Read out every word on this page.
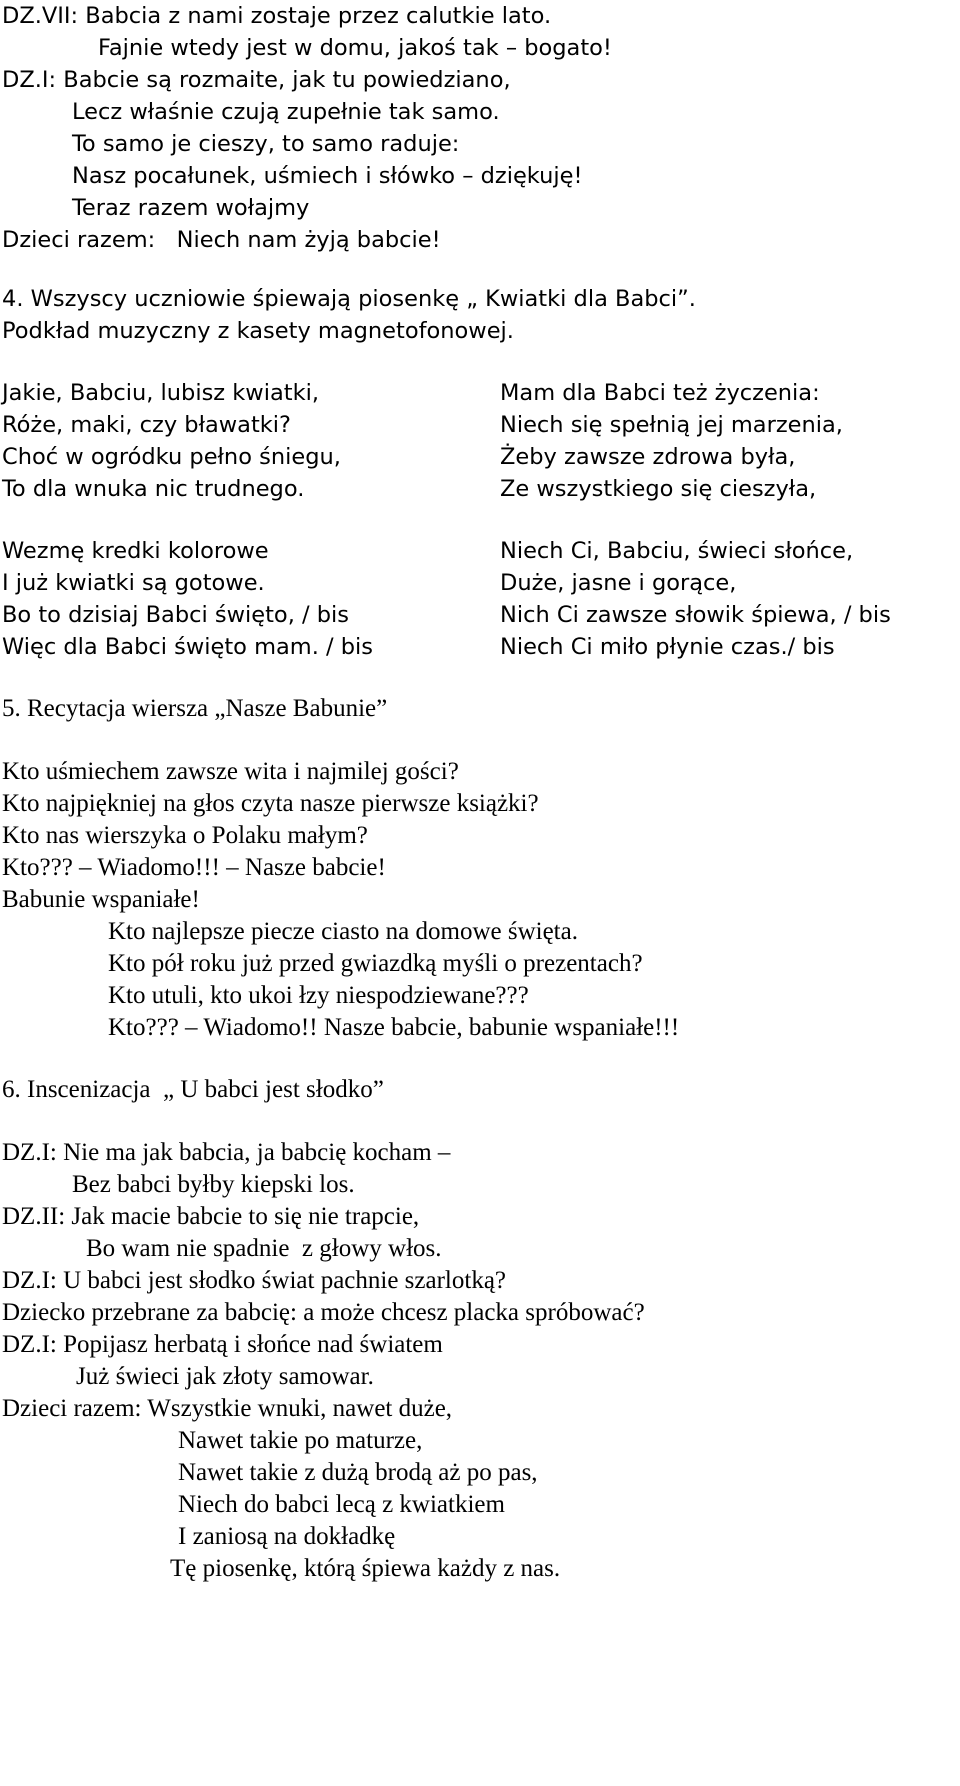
DZ.VII: Babcia z nami zostaje przez calutkie lato.
Fajnie wtedy jest w domu, jakoś tak – bogato!
DZ.I: Babcie są rozmaite, jak tu powiedziano,
Lecz właśnie czują zupełnie tak samo.
To samo je cieszy, to samo raduje:
Nasz pocałunek, uśmiech i słówko – dziękuję!
Teraz razem wołajmy
Dzieci razem:   Niech nam żyją babcie!
4. Wszyscy uczniowie śpiewają piosenkę „ Kwiatki dla Babci”.
Podkład muzyczny z kasety magnetofonowej.
Jakie, Babciu, lubisz kwiatki,
Róże, maki, czy bławatki?
Choć w ogródku pełno śniegu,
To dla wnuka nic trudnego.
Wezmę kredki kolorowe
I już kwiatki są gotowe.
Bo to dzisiaj Babci święto, / bis
Więc dla Babci święto mam. / bis
Mam dla Babci też życzenia:
Niech się spełnią jej marzenia,
Żeby zawsze zdrowa była,
Ze wszystkiego się cieszyła,
Niech Ci, Babciu, świeci słońce,
Duże, jasne i gorące,
Nich Ci zawsze słowik śpiewa, / bis
Niech Ci miło płynie czas./ bis
5. Recytacja wiersza „Nasze Babunie”
Kto uśmiechem zawsze wita i najmilej gości?
Kto najpiękniej na głos czyta nasze pierwsze książki?
Kto nas wierszyka o Polaku małym?
Kto??? – Wiadomo!!! – Nasze babcie!
Babunie wspaniałe!
Kto najlepsze piecze ciasto na domowe święta.
Kto pół roku już przed gwiazdką myśli o prezentach?
Kto utuli, kto ukoi łzy niespodziewane???
Kto??? – Wiadomo!! Nasze babcie, babunie wspaniałe!!!
6. Inscenizacja  „ U babci jest słodko”
DZ.I: Nie ma jak babcia, ja babcię kocham –
Bez babci byłby kiepski los.
DZ.II: Jak macie babcie to się nie trapcie,
Bo wam nie spadnie  z głowy włos.
DZ.I: U babci jest słodko świat pachnie szarlotką?
Dziecko przebrane za babcię: a może chcesz placka spróbować?
DZ.I: Popijasz herbatą i słońce nad światem
Już świeci jak złoty samowar.
Dzieci razem: Wszystkie wnuki, nawet duże,
Nawet takie po maturze,
Nawet takie z dużą brodą aż po pas,
Niech do babci lecą z kwiatkiem
I zaniosą na dokładkę
Tę piosenkę, którą śpiewa każdy z nas.
